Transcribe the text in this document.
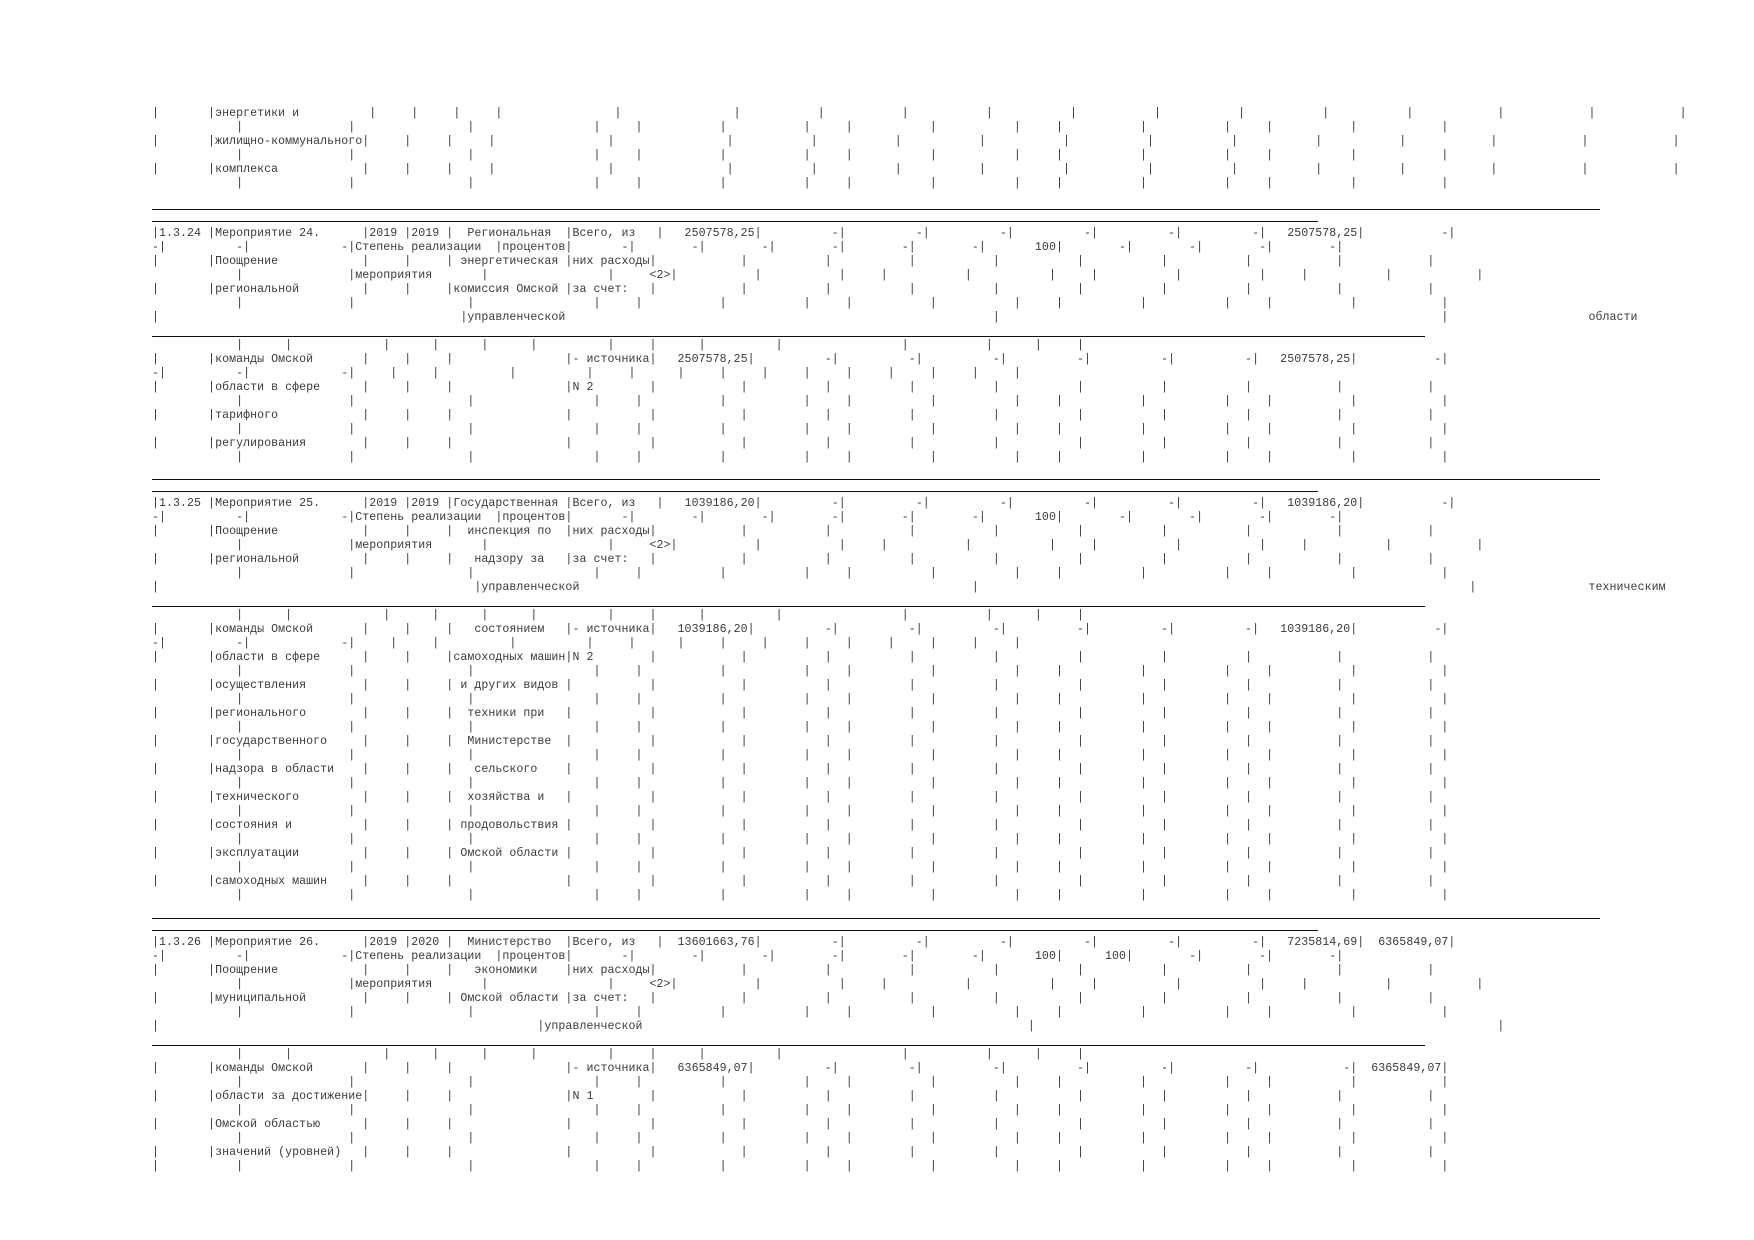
|       |энергетики и          |     |     |     |                |                |           |           |           |           |           |           |           |           |            |            |            |
|               |                |                 |     |           |           |     |           |           |     |           |           |     |           |            |
|       |жилищно-коммунального|     |     |     |                |                |           |           |           |           |           |           |           |           |            |            |            |
|               |                |                 |     |           |           |     |           |           |     |           |           |     |           |            |
|       |комплекса            |     |     |     |                |                |           |           |           |           |           |           |           |           |            |            |            |
|               |                |                 |     |           |           |     |           |           |     |           |           |     |           |            |
|1.3.24 |Мероприятие 24.      |2019 |2019 |  Региональная  |Всего, из   |   2507578,25|          -|          -|          -|          -|          -|          -|   2507578,25|           -|
-|          -|             -|Степень реализации  |процентов|       -|        -|        -|        -|        -|        -|       100|        -|        -|        -|        -|
|       |Поощрение            |     |     | энергетическая |них расходы|            |           |           |           |           |           |           |            |            |
|               |мероприятия       |                 |     <2>|           |           |     |           |           |     |           |           |     |           |            |
|       |региональной         |     |     |комиссия Омской |за счет:   |            |           |           |           |           |           |           |            |            |
|               |                |                 |     |           |           |     |           |           |     |           |           |     |           |            |
|                                           |управленческой                                                             |                                                               |                    области
|      |             |      |      |      |          |     |      |          |                 |           |      |     |
|       |команды Омской       |     |     |                |- источника|   2507578,25|          -|          -|          -|          -|          -|          -|   2507578,25|           -|
-|          -|             -|     |     |          |          |     |      |     |     |     |     |     |     |     |     |
|       |области в сфере      |     |     |                |N 2        |            |           |           |           |           |           |           |            |            |
|               |                |                 |     |           |           |     |           |           |     |           |           |     |           |            |
|       |тарифного            |     |     |                |           |            |           |           |           |           |           |           |            |            |
|               |                |                 |     |           |           |     |           |           |     |           |           |     |           |            |
|       |регулирования        |     |     |                |           |            |           |           |           |           |           |           |            |            |
|               |                |                 |     |           |           |     |           |           |     |           |           |     |           |            |
|1.3.25 |Мероприятие 25.      |2019 |2019 |Государственная |Всего, из   |   1039186,20|          -|          -|          -|          -|          -|          -|   1039186,20|           -|
-|          -|             -|Степень реализации  |процентов|       -|        -|        -|        -|        -|        -|       100|        -|        -|        -|        -|
|       |Поощрение            |     |     |  инспекция по  |них расходы|            |           |           |           |           |           |           |            |            |
|               |мероприятия       |                 |     <2>|           |           |     |           |           |     |           |           |     |           |            |
|       |региональной         |     |     |   надзору за   |за счет:   |            |           |           |           |           |           |           |            |            |
|               |                |                 |     |           |           |     |           |           |     |           |           |     |           |            |
|                                             |управленческой                                                        |                                                                      |                техническим
|      |             |      |      |      |          |     |      |          |                 |           |      |     |
|       |команды Омской       |     |     |   состоянием   |- источника|   1039186,20|          -|          -|          -|          -|          -|          -|   1039186,20|           -|
-|          -|             -|     |     |          |          |     |      |     |     |     |     |     |     |     |     |
|       |области в сфере      |     |     |самоходных машин|N 2        |            |           |           |           |           |           |           |            |            |
|               |                |                 |     |           |           |     |           |           |     |           |           |     |           |            |
|       |осуществления        |     |     | и других видов |           |            |           |           |           |           |           |           |            |            |
|               |                |                 |     |           |           |     |           |           |     |           |           |     |           |            |
|       |регионального        |     |     |  техники при   |           |            |           |           |           |           |           |           |            |            |
|               |                |                 |     |           |           |     |           |           |     |           |           |     |           |            |
|       |государственного     |     |     |  Министерстве  |           |            |           |           |           |           |           |           |            |            |
|               |                |                 |     |           |           |     |           |           |     |           |           |     |           |            |
|       |надзора в области    |     |     |   сельского    |           |            |           |           |           |           |           |           |            |            |
|               |                |                 |     |           |           |     |           |           |     |           |           |     |           |            |
|       |технического         |     |     |  хозяйства и   |           |            |           |           |           |           |           |           |            |            |
|               |                |                 |     |           |           |     |           |           |     |           |           |     |           |            |
|       |состояния и          |     |     | продовольствия |           |            |           |           |           |           |           |           |            |            |
|               |                |                 |     |           |           |     |           |           |     |           |           |     |           |            |
|       |эксплуатации         |     |     | Омской области |           |            |           |           |           |           |           |           |            |            |
|               |                |                 |     |           |           |     |           |           |     |           |           |     |           |            |
|       |самоходных машин     |     |     |                |           |            |           |           |           |           |           |           |            |            |
|               |                |                 |     |           |           |     |           |           |     |           |           |     |           |            |
|1.3.26 |Мероприятие 26.      |2019 |2020 |  Министерство  |Всего, из   |  13601663,76|          -|          -|          -|          -|          -|          -|   7235814,69|  6365849,07|
-|          -|             -|Степень реализации  |процентов|       -|        -|        -|        -|        -|        -|       100|      100|        -|        -|        -|
|       |Поощрение            |     |     |   экономики    |них расходы|            |           |           |           |           |           |           |            |            |
|               |мероприятия       |                 |     <2>|           |           |     |           |           |     |           |           |     |           |            |
|       |муниципальной        |     |     | Омской области |за счет:   |            |           |           |           |           |           |           |            |            |
|               |                |                 |     |           |           |     |           |           |     |           |           |     |           |            |
|                                                      |управленческой                                                       |                                                                  |
|      |             |      |      |      |          |     |      |          |                 |           |      |     |
|       |команды Омской       |     |     |                |- источника|   6365849,07|          -|          -|          -|          -|          -|          -|            -|  6365849,07|
|               |                |                 |     |           |           |     |           |           |     |           |           |     |           |            |
|       |области за достижение|     |     |                |N 1        |            |           |           |           |           |           |           |            |            |
|               |                |                 |     |           |           |     |           |           |     |           |           |     |           |            |
|       |Омской областью      |     |     |                |           |            |           |           |           |           |           |           |            |            |
|               |                |                 |     |           |           |     |           |           |     |           |           |     |           |            |
|       |значений (уровней)   |     |     |                |           |            |           |           |           |           |           |           |            |            |
|           |               |                |                 |     |           |           |     |           |           |     |           |           |     |           |            |
